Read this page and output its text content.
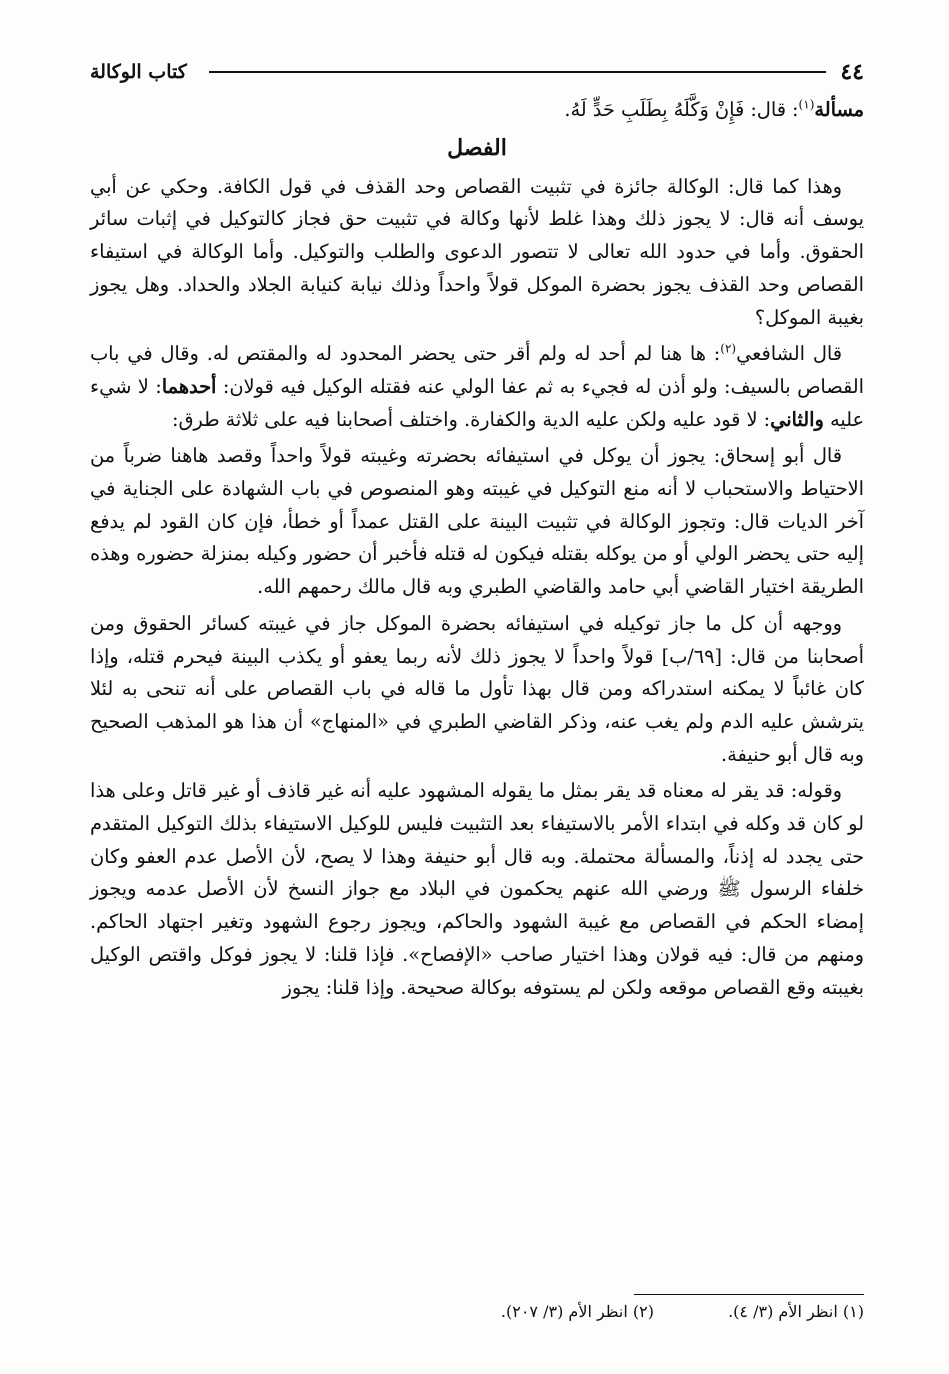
٤٤
كتاب الوكالة

مسألة$^{(١)}$: قال: فَإِنْ وَكَّلَهُ بِطَلَبِ حَدٍّ لَهُ.

الفصل

وهذا كما قال: الوكالة جائزة في تثبيت القصاص وحد القذف في قول الكافة. وحكي عن أبي يوسف أنه قال: لا يجوز ذلك وهذا غلط لأنها وكالة في تثبيت حق فجاز كالتوكيل في إثبات سائر الحقوق. وأما في حدود الله تعالى لا تتصور الدعوى والطلب والتوكيل. وأما الوكالة في استيفاء القصاص وحد القذف يجوز بحضرة الموكل قولاً واحداً وذلك نيابة كنيابة الجلاد والحداد. وهل يجوز بغيبة الموكل؟

قال الشافعي$^{(٢)}$: ها هنا لم أحد له ولم أقر حتى يحضر المحدود له والمقتص له. وقال في باب القصاص بالسيف: ولو أذن له فجيء به ثم عفا الولي عنه فقتله الوكيل فيه قولان: أحدهما: لا شيء عليه والثاني: لا قود عليه ولكن عليه الدية والكفارة. واختلف أصحابنا فيه على ثلاثة طرق:

قال أبو إسحاق: يجوز أن يوكل في استيفائه بحضرته وغيبته قولاً واحداً وقصد هاهنا ضرباً من الاحتياط والاستحباب لا أنه منع التوكيل في غيبته وهو المنصوص في باب الشهادة على الجناية في آخر الديات قال: وتجوز الوكالة في تثبيت البينة على القتل عمداً أو خطأ، فإن كان القود لم يدفع إليه حتى يحضر الولي أو من يوكله بقتله فيكون له قتله فأخبر أن حضور وكيله بمنزلة حضوره وهذه الطريقة اختيار القاضي أبي حامد والقاضي الطبري وبه قال مالك رحمهم الله.

ووجهه أن كل ما جاز توكيله في استيفائه بحضرة الموكل جاز في غيبته كسائر الحقوق ومن أصحابنا من قال: [٦٩/ب] قولاً واحداً لا يجوز ذلك لأنه ربما يعفو أو يكذب البينة فيحرم قتله، وإذا كان غائباً لا يمكنه استدراكه ومن قال بهذا تأول ما قاله في باب القصاص على أنه تنحى به لئلا يترشش عليه الدم ولم يغب عنه، وذكر القاضي الطبري في «المنهاج» أن هذا هو المذهب الصحيح وبه قال أبو حنيفة.

وقوله: قد يقر له معناه قد يقر بمثل ما يقوله المشهود عليه أنه غير قاذف أو غير قاتل وعلى هذا لو كان قد وكله في ابتداء الأمر بالاستيفاء بعد التثبيت فليس للوكيل الاستيفاء بذلك التوكيل المتقدم حتى يجدد له إذناً، والمسألة محتملة. وبه قال أبو حنيفة وهذا لا يصح، لأن الأصل عدم العفو وكان خلفاء الرسول ﷺ ورضي الله عنهم يحكمون في البلاد مع جواز النسخ لأن الأصل عدمه ويجوز إمضاء الحكم في القصاص مع غيبة الشهود والحاكم، ويجوز رجوع الشهود وتغير اجتهاد الحاكم. ومنهم من قال: فيه قولان وهذا اختيار صاحب «الإفصاح». فإذا قلنا: لا يجوز فوكل واقتص الوكيل بغيبته وقع القصاص موقعه ولكن لم يستوفه بوكالة صحيحة. وإذا قلنا: يجوز

(١) انظر الأم (٣/ ٤).
(٢) انظر الأم (٣/ ٢٠٧).
